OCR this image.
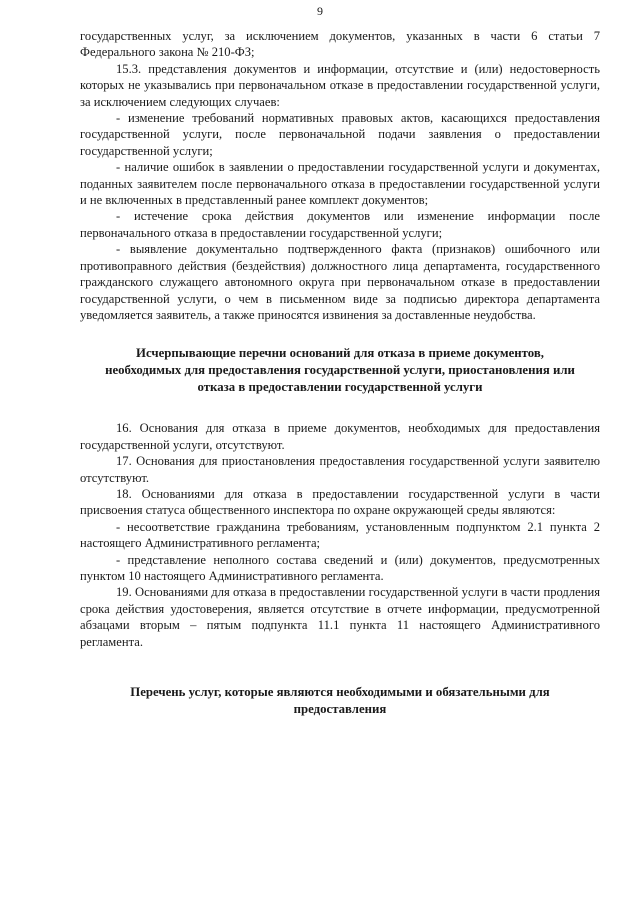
9

государственных услуг, за исключением документов, указанных в части 6 статьи 7 Федерального закона № 210-ФЗ;

15.3. представления документов и информации, отсутствие и (или) недостоверность которых не указывались при первоначальном отказе в предоставлении государственной услуги, за исключением следующих случаев:

- изменение требований нормативных правовых актов, касающихся предоставления государственной услуги, после первоначальной подачи заявления о предоставлении государственной услуги;

- наличие ошибок в заявлении о предоставлении государственной услуги и документах, поданных заявителем после первоначального отказа в предоставлении государственной услуги и не включенных в представленный ранее комплект документов;

- истечение срока действия документов или изменение информации после первоначального отказа в предоставлении государственной услуги;

- выявление документально подтвержденного факта (признаков) ошибочного или противоправного действия (бездействия) должностного лица департамента, государственного гражданского служащего автономного округа при первоначальном отказе в предоставлении государственной услуги, о чем в письменном виде за подписью директора департамента уведомляется заявитель, а также приносятся извинения за доставленные неудобства.

Исчерпывающие перечни оснований для отказа в приеме документов, необходимых для предоставления государственной услуги, приостановления или отказа в предоставлении государственной услуги

16. Основания для отказа в приеме документов, необходимых для предоставления государственной услуги, отсутствуют.

17. Основания для приостановления предоставления государственной услуги заявителю отсутствуют.

18. Основаниями для отказа в предоставлении государственной услуги в части присвоения статуса общественного инспектора по охране окружающей среды являются:

- несоответствие гражданина требованиям, установленным подпунктом 2.1 пункта 2 настоящего Административного регламента;

- представление неполного состава сведений и (или) документов, предусмотренных пунктом 10 настоящего Административного регламента.

19. Основаниями для отказа в предоставлении государственной услуги в части продления срока действия удостоверения, является отсутствие в отчете информации, предусмотренной абзацами вторым – пятым подпункта 11.1 пункта 11 настоящего Административного регламента.

Перечень услуг, которые являются необходимыми и обязательными для предоставления
